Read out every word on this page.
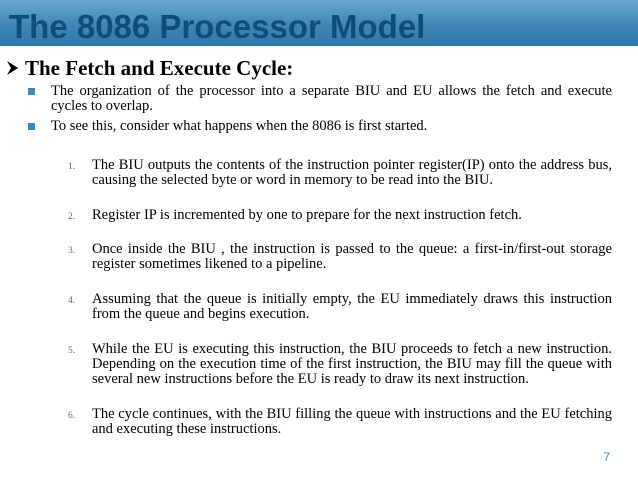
The 8086 Processor Model
The Fetch and Execute Cycle:
The organization of the processor into a separate BIU and EU allows the fetch and execute cycles to overlap.
To see this, consider what happens when the 8086 is first started.
1. The BIU outputs the contents of the instruction pointer register(IP) onto the address bus, causing the selected byte or word in memory to be read into the BIU.
2. Register IP is incremented by one to prepare for the next instruction fetch.
3. Once inside the BIU , the instruction is passed to the queue: a first-in/first-out storage register sometimes likened to a pipeline.
4. Assuming that the queue is initially empty, the EU immediately draws this instruction from the queue and begins execution.
5. While the EU is executing this instruction, the BIU proceeds to fetch a new instruction. Depending on the execution time of the first instruction, the BIU may fill the queue with several new instructions before the EU is ready to draw its next instruction.
6. The cycle continues, with the BIU filling the queue with instructions and the EU fetching and executing these instructions.
7
